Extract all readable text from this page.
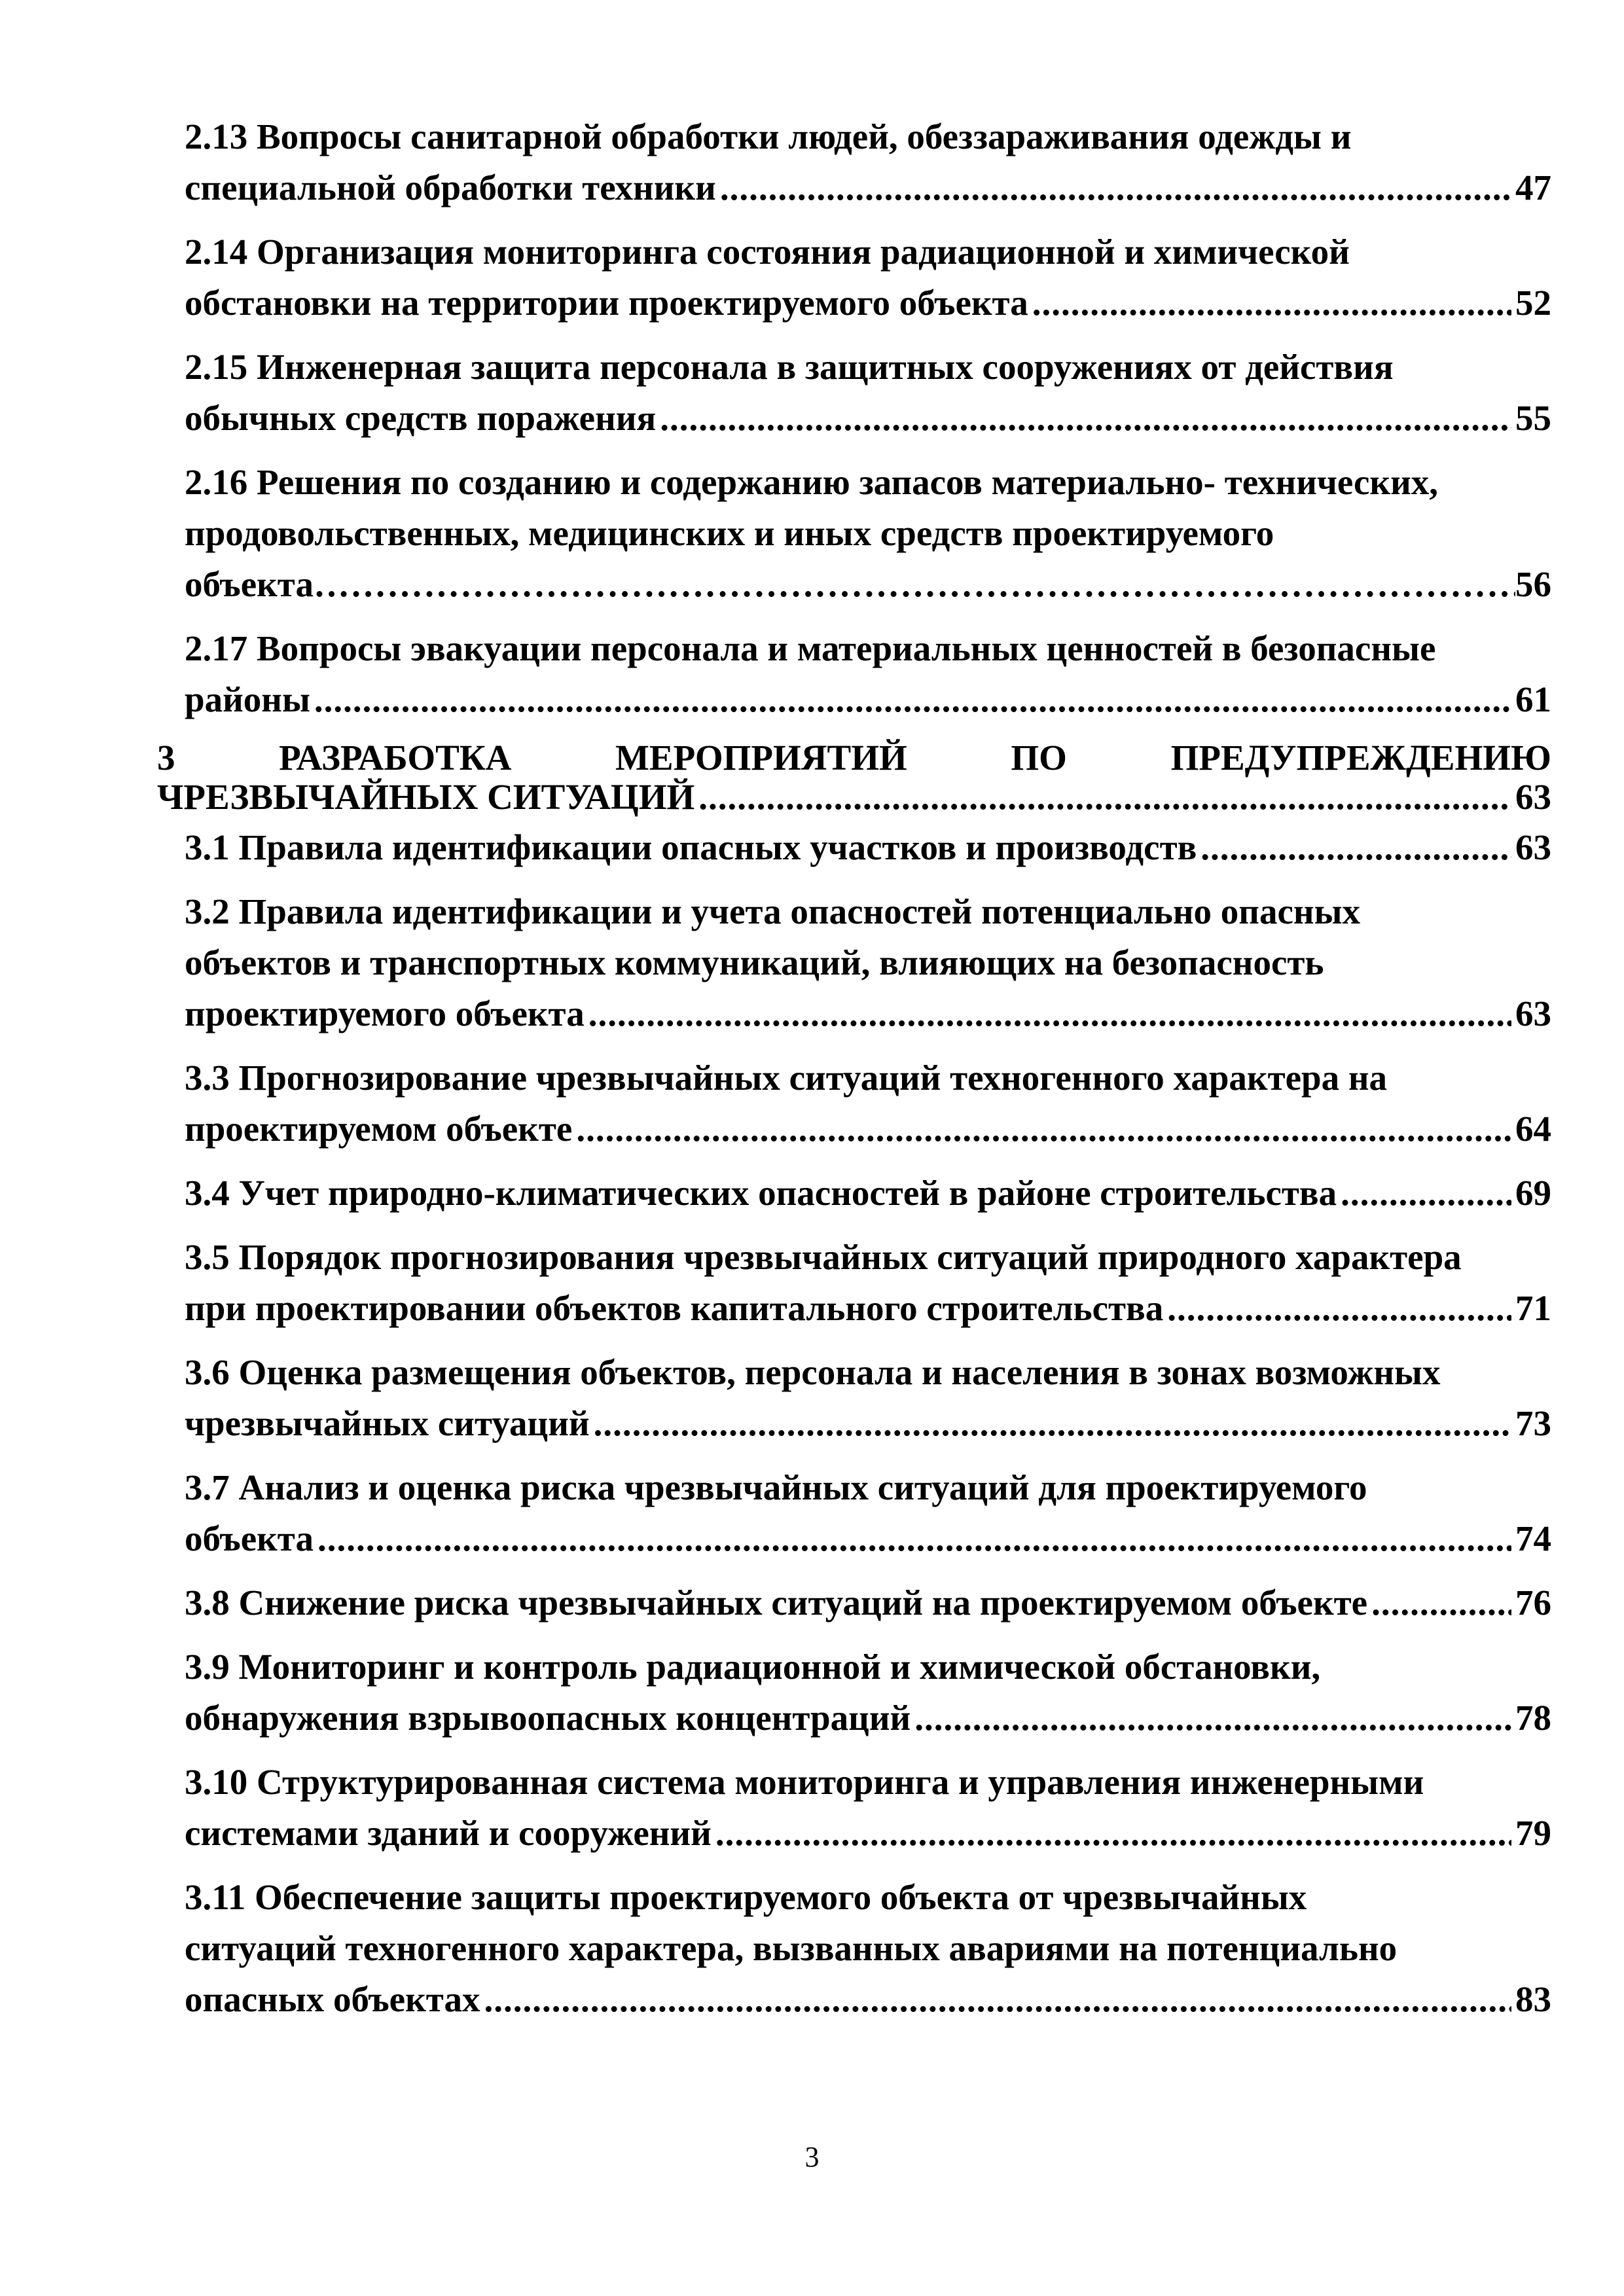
2.13 Вопросы санитарной обработки людей, обеззараживания одежды и
специальной обработки техники .....	47
2.14 Организация мониторинга состояния радиационной и химической
обстановки на территории проектируемого объекта .....	52
2.15 Инженерная защита персонала в защитных сооружениях от действия
обычных средств поражения .....	55
2.16 Решения по созданию и содержанию запасов материально- технических,
продовольственных, медицинских и иных средств проектируемого
объекта ……………………………………………………………………………………………………………………………………………………………………………………………………	56
2.17 Вопросы эвакуации персонала и материальных ценностей в безопасные
районы .....	61
3	РАЗРАБОТКА	МЕРОПРИЯТИЙ	ПО	ПРЕДУПРЕЖДЕНИЮ
ЧРЕЗВЫЧАЙНЫХ СИТУАЦИЙ .....	63
3.1 Правила идентификации опасных участков и производств .....	63
3.2 Правила идентификации и учета опасностей потенциально опасных
объектов и транспортных коммуникаций, влияющих на безопасность
проектируемого объекта .....	63
3.3 Прогнозирование чрезвычайных ситуаций техногенного характера на
проектируемом объекте .....	64
3.4 Учет природно-климатических опасностей в районе строительства .....	69
3.5 Порядок прогнозирования чрезвычайных ситуаций природного характера
при проектировании объектов капитального строительства .....	71
3.6 Оценка размещения объектов, персонала и населения в зонах возможных
чрезвычайных ситуаций .....	73
3.7 Анализ и оценка риска чрезвычайных ситуаций для проектируемого
объекта .....	74
3.8 Снижение риска чрезвычайных ситуаций на проектируемом объекте .....	76
3.9 Мониторинг и контроль радиационной и химической обстановки,
обнаружения взрывоопасных концентраций .....	78
3.10 Структурированная система мониторинга и управления инженерными
системами зданий и сооружений .....	79
3.11 Обеспечение защиты проектируемого объекта от чрезвычайных
ситуаций техногенного характера, вызванных авариями на потенциально
опасных объектах .....	83
3
